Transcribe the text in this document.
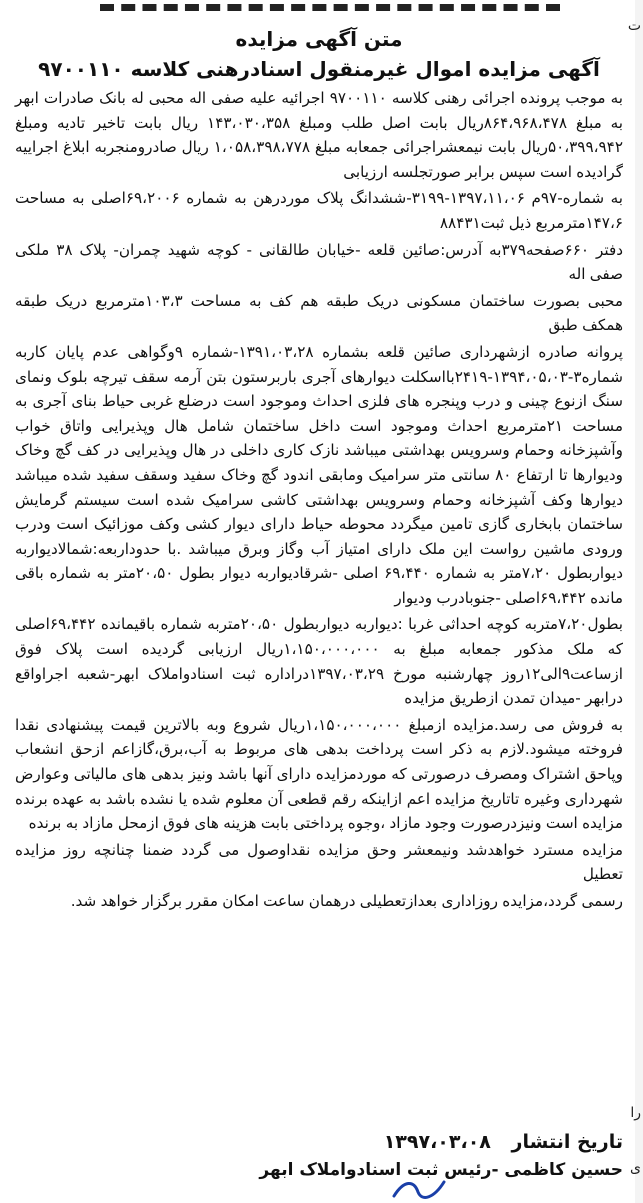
ت
را
ی
متن آگهی مزایده
آگهی مزایده اموال غیرمنقول اسنادرهنی کلاسه ۹۷۰۰۱۱۰

به موجب پرونده اجرائی رهنی کلاسه ۹۷۰۰۱۱۰ اجرائیه علیه صفی اله محبی له بانک صادرات ابهر به مبلغ ۸۶۴،۹۶۸،۴۷۸ریال بابت اصل طلب ومبلغ ۱۴۳،۰۳۰،۳۵۸ ریال بابت تاخیر تادیه ومبلغ ۵۰،۳۹۹،۹۴۲ریال بابت نیمعشراجرائی جمعابه مبلغ ۱،۰۵۸،۳۹۸،۷۷۸ ریال صادرومنجربه ابلاغ اجراییه گرادیده است سپس برابر صورتجلسه ارزیابی

به شماره-۹۷م ۱۳۹۷،۱۱،۰۶-۳۱۹۹-ششدانگ پلاک موردرهن به شماره ۶۹،۲۰۰۶اصلی به مساحت ۱۴۷،۶مترمربع ذیل ثبت۸۸۴۳۱

دفتر ۶۶۰صفحه۳۷۹به آدرس:صائین قلعه -خیابان طالقانی - کوچه شهید چمران- پلاک ۳۸ ملکی صفی اله

محبی بصورت ساختمان مسکونی دریک طبقه هم کف به مساحت ۱۰۳،۳مترمربع دریک طبقه همکف طبق

پروانه صادره ازشهرداری صائین قلعه بشماره ۱۳۹۱،۰۳،۲۸-شماره ۹وگواهی عدم پایان کاربه شماره۳-۱۳۹۴،۰۵،۰۳-۲۴۱۹بااسکلت دیوارهای آجری باربرستون بتن آرمه سقف تیرچه بلوک ونمای سنگ ازنوع چینی و درب وپنجره های فلزی احداث وموجود است درضلع غربی حیاط بنای آجری به مساحت ۲۱مترمربع احداث وموجود است داخل ساختمان شامل هال وپذیرایی واتاق خواب وآشپزخانه وحمام وسرویس بهداشتی میباشد نازک کاری داخلی در هال وپذیرایی در کف گچ وخاک ودیوارها تا ارتفاع ۸۰ سانتی متر سرامیک ومابقی اندود گچ وخاک سفید وسقف سفید شده میباشد دیوارها وکف آشپزخانه وحمام وسرویس بهداشتی کاشی سرامیک شده است سیستم گرمایش ساختمان بابخاری گازی تامین میگردد محوطه حیاط دارای دیوار کشی وکف موزائیک است ودرب ورودی ماشین رواست این ملک دارای امتیاز آب وگاز وبرق میباشد .با حدوداربعه:شمالادیواربه دیواربطول ۷،۲۰متر به شماره ۶۹،۴۴۰ اصلی -شرقادیواربه دیوار بطول ۲۰،۵۰متر به شماره باقی مانده ۶۹،۴۴۲اصلی -جنوبادرب ودیوار

بطول۷،۲۰متربه کوچه احداثی غربا :دیواربه دیواربطول ۲۰،۵۰متربه شماره باقیمانده ۶۹،۴۴۲اصلی که ملک مذکور جمعابه مبلغ به ۱،۱۵۰،۰۰۰،۰۰۰ریال ارزیابی گردیده است پلاک فوق ازساعت۹الی۱۲روز چهارشنبه مورخ ۱۳۹۷،۰۳،۲۹دراداره ثبت اسنادواملاک ابهر-شعبه اجراواقع درابهر -میدان تمدن ازطریق مزایده

به فروش می رسد.مزایده ازمبلغ ۱،۱۵۰،۰۰۰،۰۰۰ریال شروع وبه بالاترین قیمت پیشنهادی نقدا فروخته میشود.لازم به ذکر است پرداخت بدهی های مربوط به آب،برق،گازاعم ازحق انشعاب وپاحق اشتراک ومصرف درصورتی که موردمزایده دارای آنها باشد ونیز بدهی های مالیاتی وعوارض شهرداری وغیره تاتاریخ مزایده اعم ازاینکه رقم قطعی آن معلوم شده یا نشده باشد به عهده برنده مزایده است ونیزدرصورت وجود مازاد ،وجوه پرداختی بابت هزینه های فوق ازمحل مازاد به برنده

مزایده مسترد خواهدشد ونیمعشر وحق مزایده نقداوصول می گردد ضمنا چنانچه روز مزایده تعطیل

رسمی گردد،مزایده روزاداری بعدازتعطیلی درهمان ساعت امکان مقرر برگزار خواهد شد.

تاریخ انتشار ۱۳۹۷،۰۳،۰۸
حسین کاظمی -رئیس ثبت اسنادواملاک ابهر
